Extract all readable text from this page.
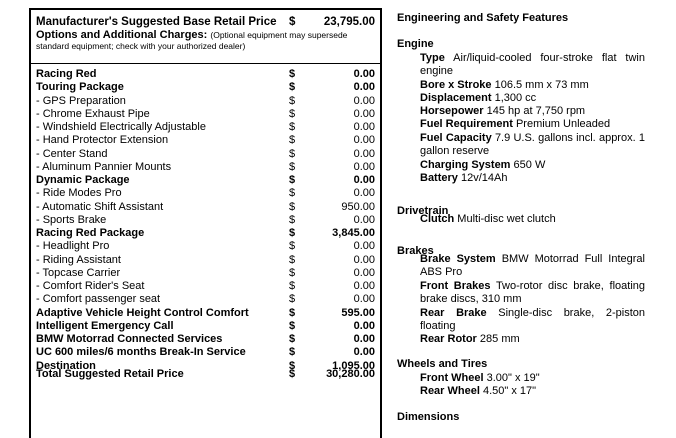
Manufacturer's Suggested Base Retail Price $ 23,795.00
Options and Additional Charges: (Optional equipment may supersede
standard equipment; check with your authorized dealer)
Racing Red	$	0.00
Touring Package	$	0.00
- GPS Preparation	$	0.00
- Chrome Exhaust Pipe	$	0.00
- Windshield Electrically Adjustable	$	0.00
- Hand Protector Extension	$	0.00
- Center Stand	$	0.00
- Aluminum Pannier Mounts	$	0.00
Dynamic Package	$	0.00
- Ride Modes Pro	$	0.00
- Automatic Shift Assistant	$	950.00
- Sports Brake	$	0.00
Racing Red Package	$	3,845.00
- Headlight Pro	$	0.00
- Riding Assistant	$	0.00
- Topcase Carrier	$	0.00
- Comfort Rider's Seat	$	0.00
- Comfort passenger seat	$	0.00
Adaptive Vehicle Height Control Comfort	$	595.00
Intelligent Emergency Call	$	0.00
BMW Motorrad Connected Services	$	0.00
UC 600 miles/6 months Break-In Service	$	0.00
Destination	$	1,095.00
Total Suggested Retail Price	$	30,280.00
Engineering and Safety Features
Engine
Type Air/liquid-cooled four-stroke flat twin engine
Bore x Stroke 106.5 mm x 73 mm
Displacement 1,300 cc
Horsepower 145 hp at 7,750 rpm
Fuel Requirement Premium Unleaded
Fuel Capacity 7.9 U.S. gallons incl. approx. 1 gallon reserve
Charging System 650 W
Battery 12v/14Ah
Drivetrain
Clutch Multi-disc wet clutch
Brakes
Brake System BMW Motorrad Full Integral ABS Pro
Front Brakes Two-rotor disc brake, floating brake discs, 310 mm
Rear Brake Single-disc brake, 2-piston floating
Rear Rotor 285 mm
Wheels and Tires
Front Wheel 3.00" x 19"
Rear Wheel 4.50" x 17"
Dimensions
